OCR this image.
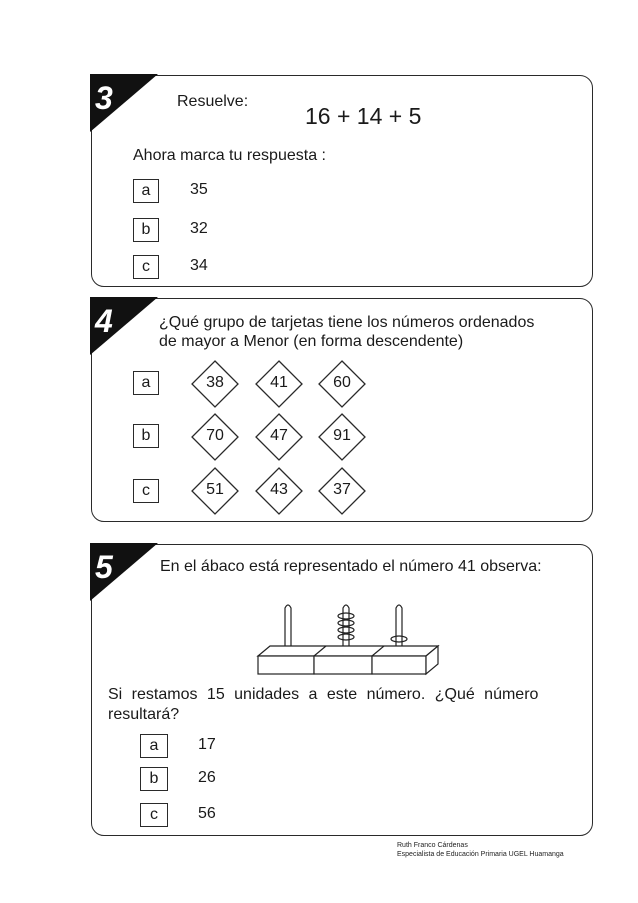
3	Resuelve:
16 + 14 + 5
Ahora marca tu respuesta :
a	35
b	32
c	34
4	¿Qué grupo de tarjetas tiene los números ordenados
de mayor a Menor (en forma descendente)
a	38	41	60
b	70	47	91
c	51	43	37
5	En el ábaco está representado el número 41 observa:
Si restamos 15 unidades a este número. ¿Qué número
resultará?
a	17
b	26
c	56
Ruth Franco Cárdenas
Especialista de Educación Primaria UGEL Huamanga
